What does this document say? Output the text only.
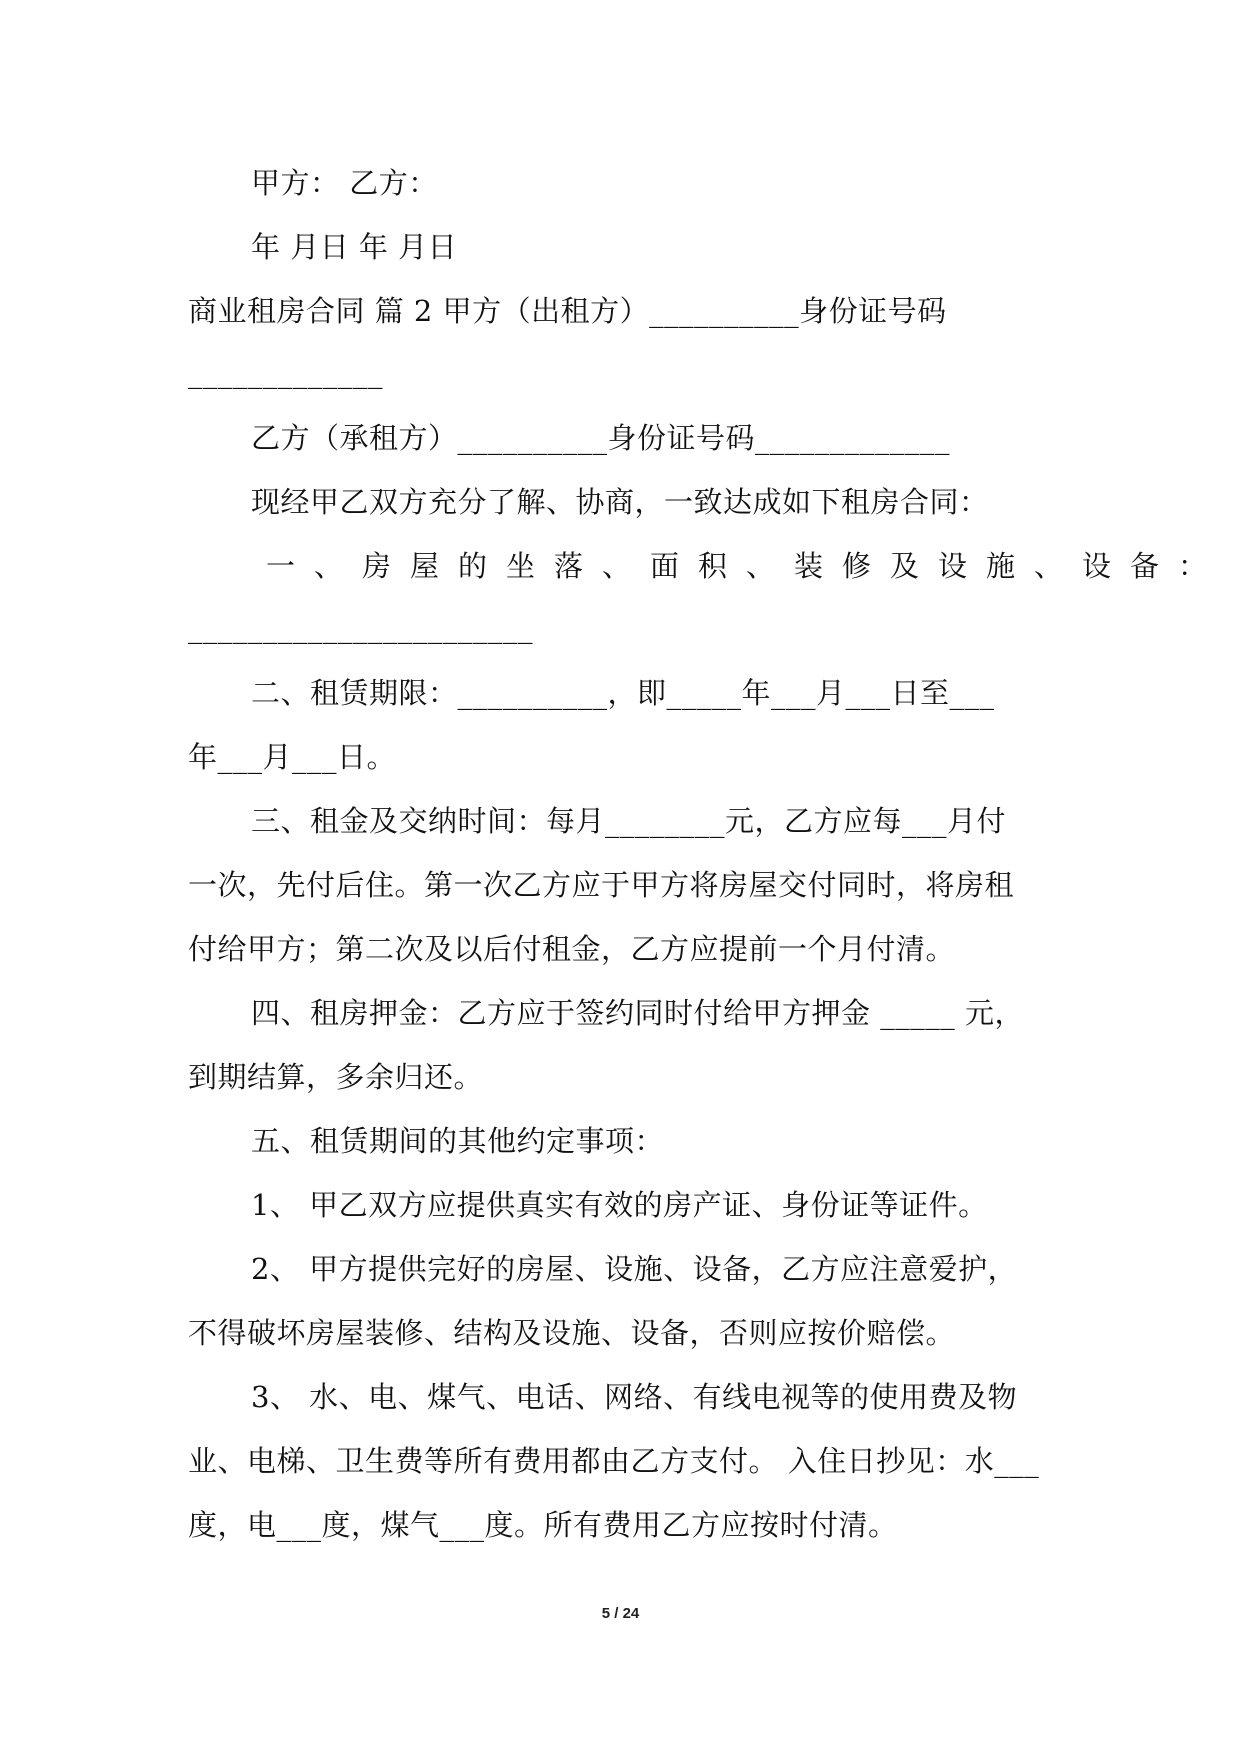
甲方： 乙方：
年 月日 年 月日
商业租房合同 篇 2 甲方（出租方）__________身份证号码
_____________
乙方（承租方）__________身份证号码_____________
现经甲乙双方充分了解、协商，一致达成如下租房合同：
一、房屋的坐落、面积、装修及设施、设备：
_______________________
二、租赁期限：__________，即_____年___月___日至___
年___月___日。
三、租金及交纳时间：每月________元，乙方应每___月付
一次，先付后住。第一次乙方应于甲方将房屋交付同时，将房租
付给甲方；第二次及以后付租金，乙方应提前一个月付清。
四、租房押金：乙方应于签约同时付给甲方押金 _____ 元，
到期结算，多余归还。
五、租赁期间的其他约定事项：
1、 甲乙双方应提供真实有效的房产证、身份证等证件。
2、 甲方提供完好的房屋、设施、设备，乙方应注意爱护，
不得破坏房屋装修、结构及设施、设备，否则应按价赔偿。
3、 水、电、煤气、电话、网络、有线电视等的使用费及物
业、电梯、卫生费等所有费用都由乙方支付。 入住日抄见：水___
度，电___度，煤气___度。所有费用乙方应按时付清。
5 / 24
